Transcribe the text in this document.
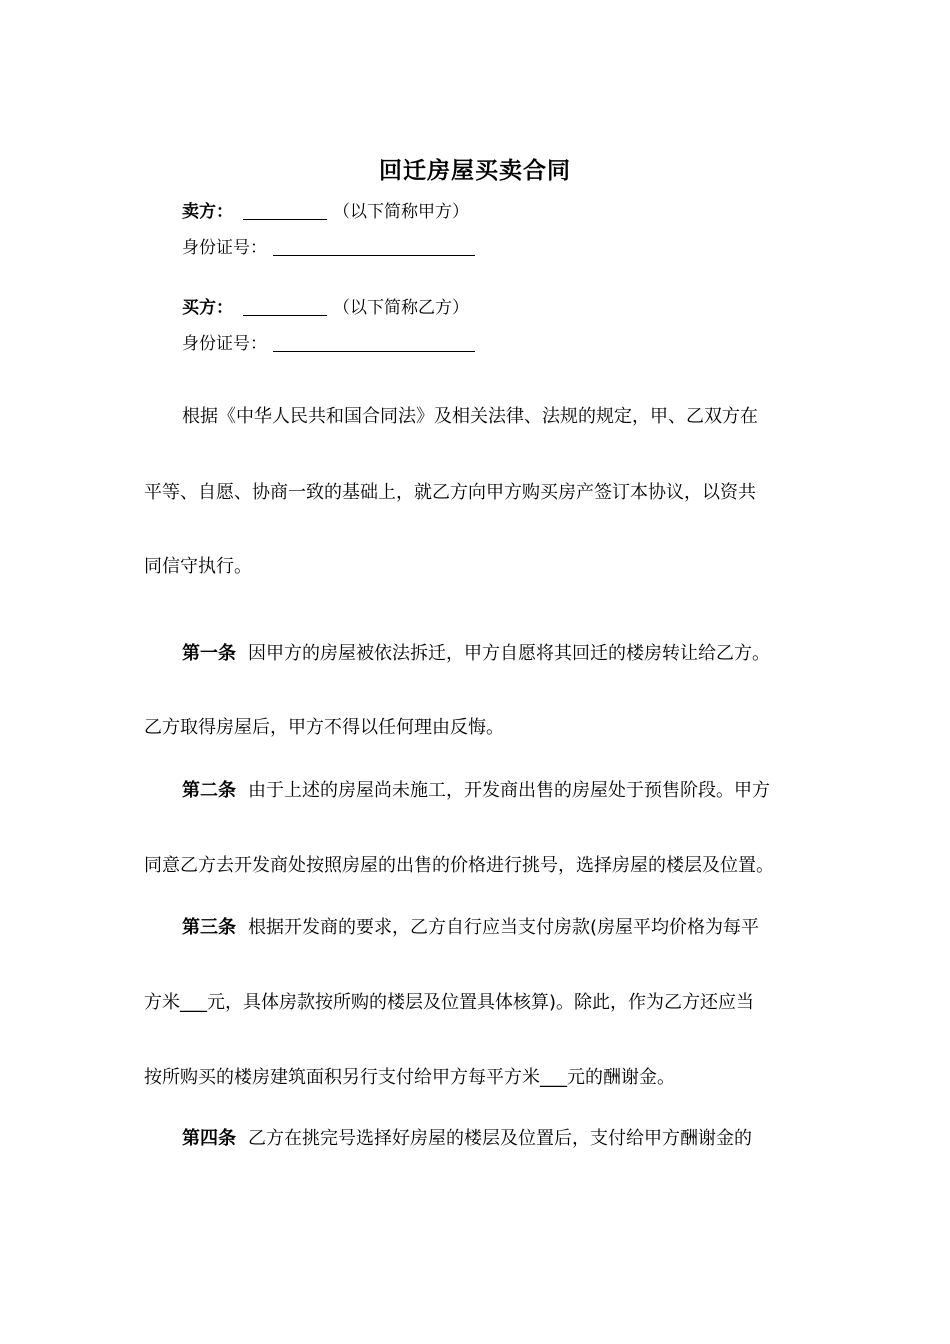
回迁房屋买卖合同
卖方：	（以下简称甲方）
身份证号：
买方：	（以下简称乙方）
身份证号：
根据《中华人民共和国合同法》及相关法律、法规的规定，甲、乙双方在
平等、自愿、协商一致的基础上，就乙方向甲方购买房产签订本协议，以资共
同信守执行。
第一条 因甲方的房屋被依法拆迁，甲方自愿将其回迁的楼房转让给乙方。
乙方取得房屋后，甲方不得以任何理由反悔。
第二条 由于上述的房屋尚未施工，开发商出售的房屋处于预售阶段。甲方
同意乙方去开发商处按照房屋的出售的价格进行挑号，选择房屋的楼层及位置。
第三条 根据开发商的要求，乙方自行应当支付房款(房屋平均价格为每平
方米___元，具体房款按所购的楼层及位置具体核算)。除此，作为乙方还应当
按所购买的楼房建筑面积另行支付给甲方每平方米___元的酬谢金。
第四条 乙方在挑完号选择好房屋的楼层及位置后，支付给甲方酬谢金的
